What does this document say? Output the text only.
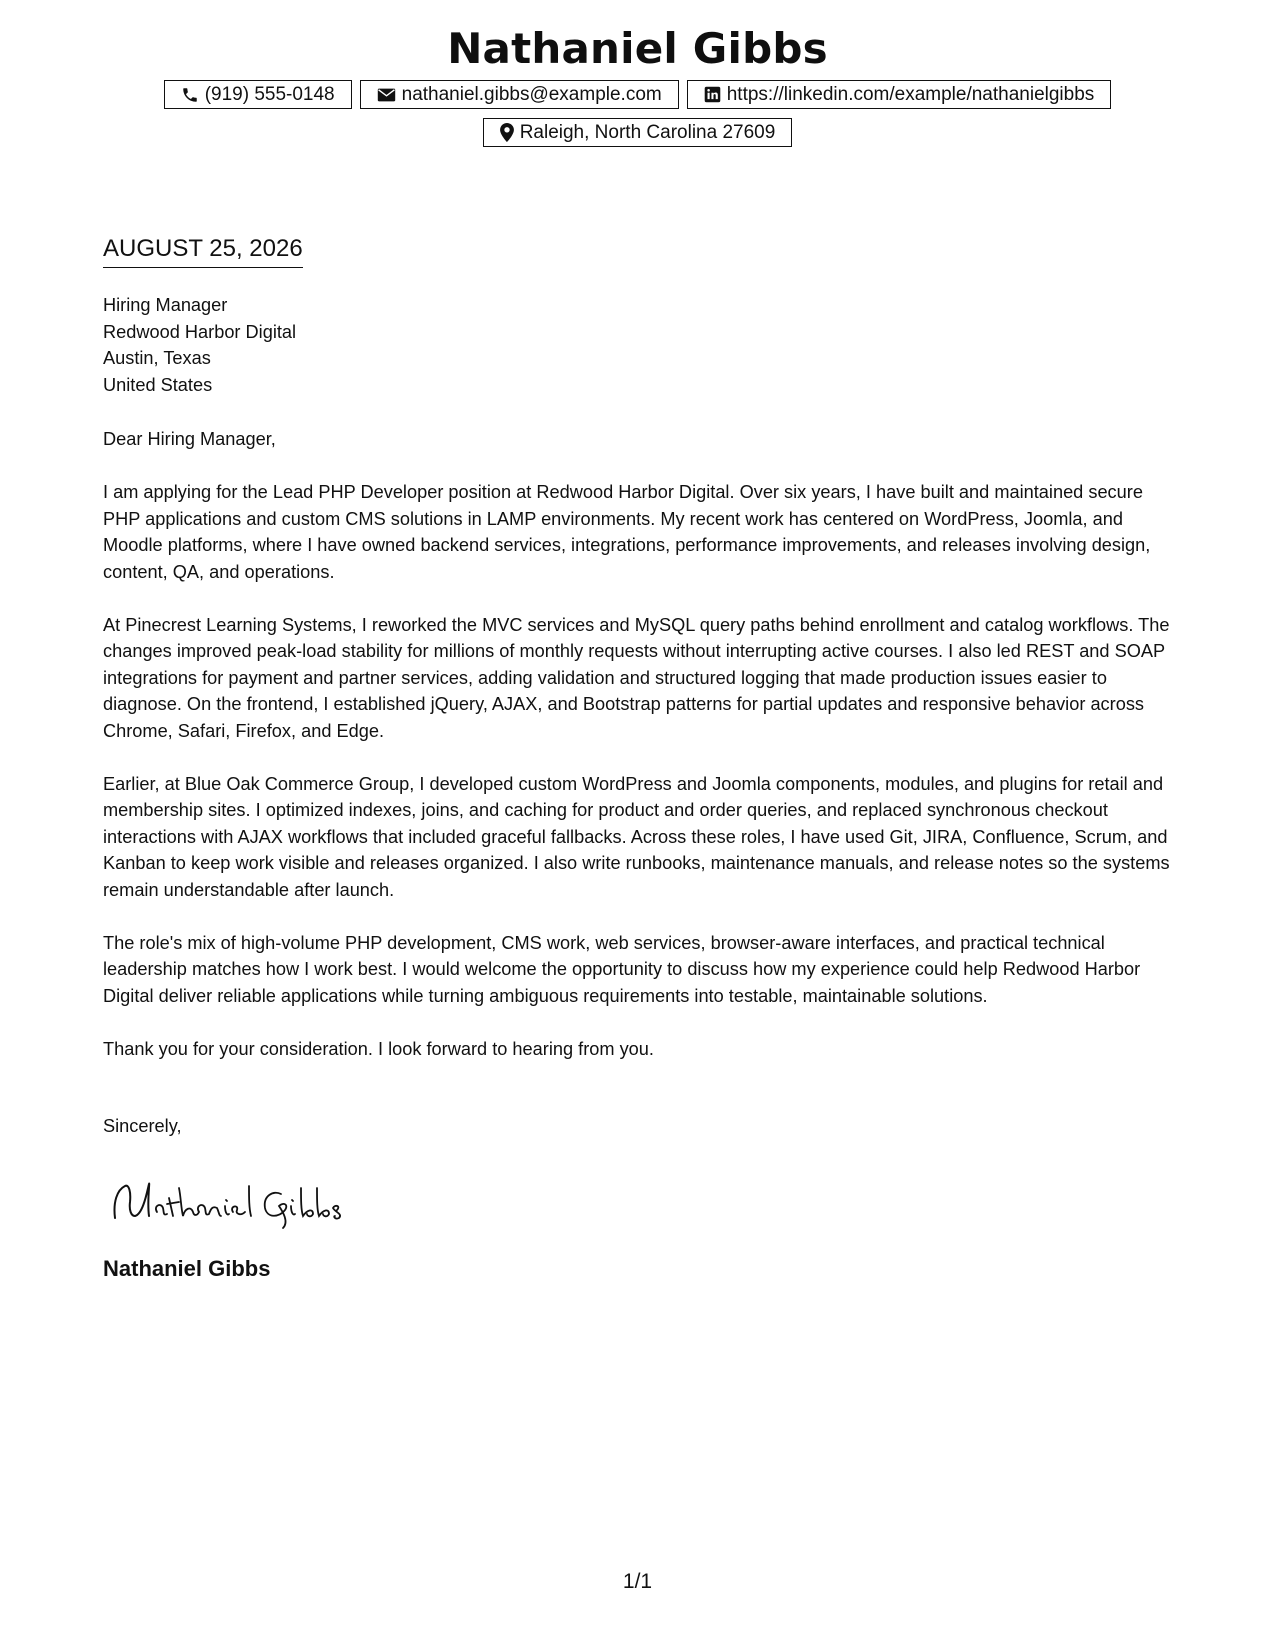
Nathaniel Gibbs
(919) 555-0148	nathaniel.gibbs@example.com	https://linkedin.com/example/nathanielgibbs
Raleigh, North Carolina 27609
AUGUST 25, 2026
Hiring Manager
Redwood Harbor Digital
Austin, Texas
United States
Dear Hiring Manager,

I am applying for the Lead PHP Developer position at Redwood Harbor Digital. Over six years, I have built and maintained secure PHP applications and custom CMS solutions in LAMP environments. My recent work has centered on WordPress, Joomla, and Moodle platforms, where I have owned backend services, integrations, performance improvements, and releases involving design, content, QA, and operations.

At Pinecrest Learning Systems, I reworked the MVC services and MySQL query paths behind enrollment and catalog workflows. The changes improved peak-load stability for millions of monthly requests without interrupting active courses. I also led REST and SOAP integrations for payment and partner services, adding validation and structured logging that made production issues easier to diagnose. On the frontend, I established jQuery, AJAX, and Bootstrap patterns for partial updates and responsive behavior across Chrome, Safari, Firefox, and Edge.

Earlier, at Blue Oak Commerce Group, I developed custom WordPress and Joomla components, modules, and plugins for retail and membership sites. I optimized indexes, joins, and caching for product and order queries, and replaced synchronous checkout interactions with AJAX workflows that included graceful fallbacks. Across these roles, I have used Git, JIRA, Confluence, Scrum, and Kanban to keep work visible and releases organized. I also write runbooks, maintenance manuals, and release notes so the systems remain understandable after launch.

The role's mix of high-volume PHP development, CMS work, web services, browser-aware interfaces, and practical technical leadership matches how I work best. I would welcome the opportunity to discuss how my experience could help Redwood Harbor Digital deliver reliable applications while turning ambiguous requirements into testable, maintainable solutions.

Thank you for your consideration. I look forward to hearing from you.

Sincerely,
Nathaniel Gibbs
1/1
